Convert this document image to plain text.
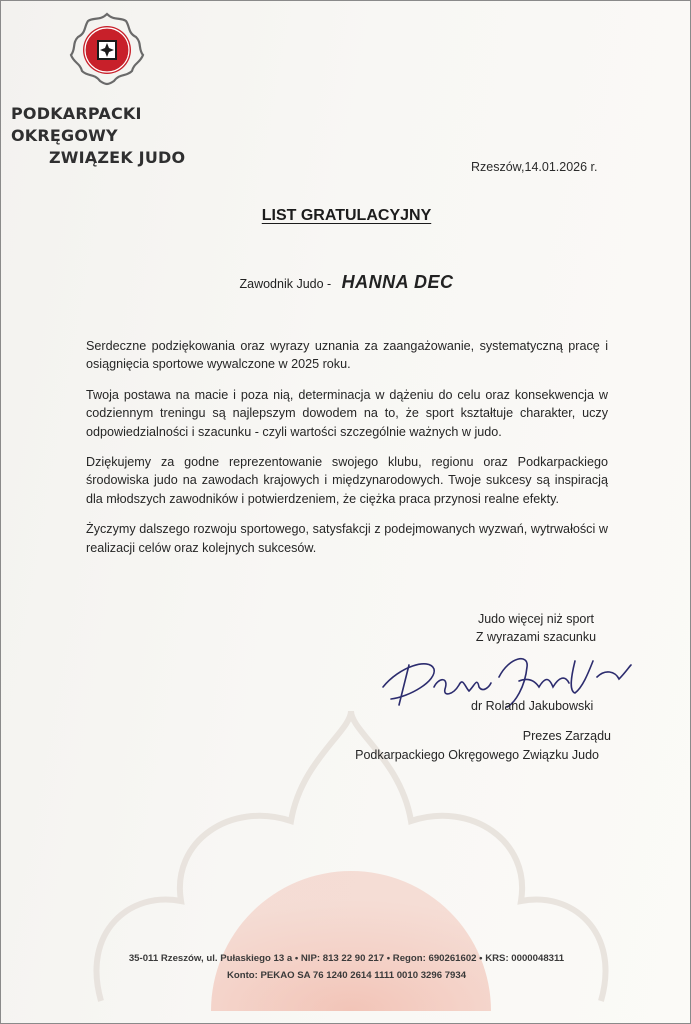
PODKARPACKI OKRĘGOWY
ZWIĄZEK JUDO	Rzeszów,14.01.2026 r.
LIST GRATULACYJNY
Zawodnik Judo - HANNA DEC

Serdeczne podziękowania oraz wyrazy uznania za zaangażowanie, systematyczną pracę i osiągnięcia sportowe wywalczone w 2025 roku.

Twoja postawa na macie i poza nią, determinacja w dążeniu do celu oraz konsekwencja w codziennym treningu są najlepszym dowodem na to, że sport kształtuje charakter, uczy odpowiedzialności i szacunku - czyli wartości szczególnie ważnych w judo.

Dziękujemy za godne reprezentowanie swojego klubu, regionu oraz Podkarpackiego środowiska judo na zawodach krajowych i międzynarodowych. Twoje sukcesy są inspiracją dla młodszych zawodników i potwierdzeniem, że ciężka praca przynosi realne efekty.

Życzymy dalszego rozwoju sportowego, satysfakcji z podejmowanych wyzwań, wytrwałości w realizacji celów oraz kolejnych sukcesów.

Judo więcej niż sport
Z wyrazami szacunku
dr Roland Jakubowski
Prezes Zarządu
Podkarpackiego Okręgowego Związku Judo
35-011 Rzeszów, ul. Pułaskiego 13 a • NIP: 813 22 90 217 • Regon: 690261602 • KRS: 0000048311
Konto: PEKAO SA 76 1240 2614 1111 0010 3296 7934
